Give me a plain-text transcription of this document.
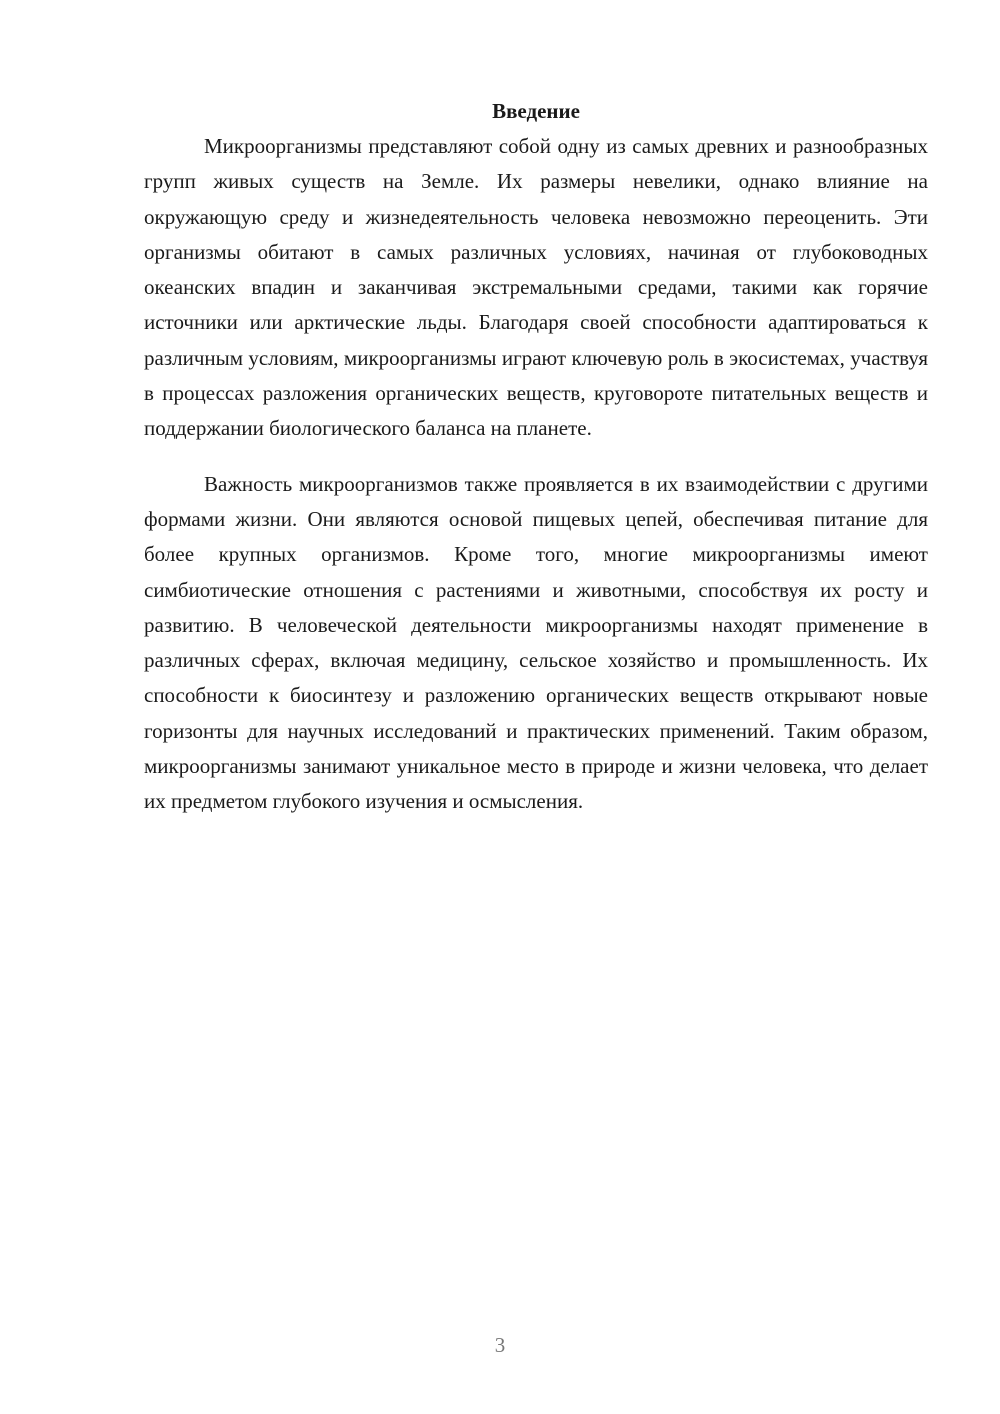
Введение

Микроорганизмы представляют собой одну из самых древних и разнообразных групп живых существ на Земле. Их размеры невелики, однако влияние на окружающую среду и жизнедеятельность человека невозможно переоценить. Эти организмы обитают в самых различных условиях, начиная от глубоководных океанских впадин и заканчивая экстремальными средами, такими как горячие источники или арктические льды. Благодаря своей способности адаптироваться к различным условиям, микроорганизмы играют ключевую роль в экосистемах, участвуя в процессах разложения органических веществ, круговороте питательных веществ и поддержании биологического баланса на планете.

Важность микроорганизмов также проявляется в их взаимодействии с другими формами жизни. Они являются основой пищевых цепей, обеспечивая питание для более крупных организмов. Кроме того, многие микроорганизмы имеют симбиотические отношения с растениями и животными, способствуя их росту и развитию. В человеческой деятельности микроорганизмы находят применение в различных сферах, включая медицину, сельское хозяйство и промышленность. Их способности к биосинтезу и разложению органических веществ открывают новые горизонты для научных исследований и практических применений. Таким образом, микроорганизмы занимают уникальное место в природе и жизни человека, что делает их предметом глубокого изучения и осмысления.

3
